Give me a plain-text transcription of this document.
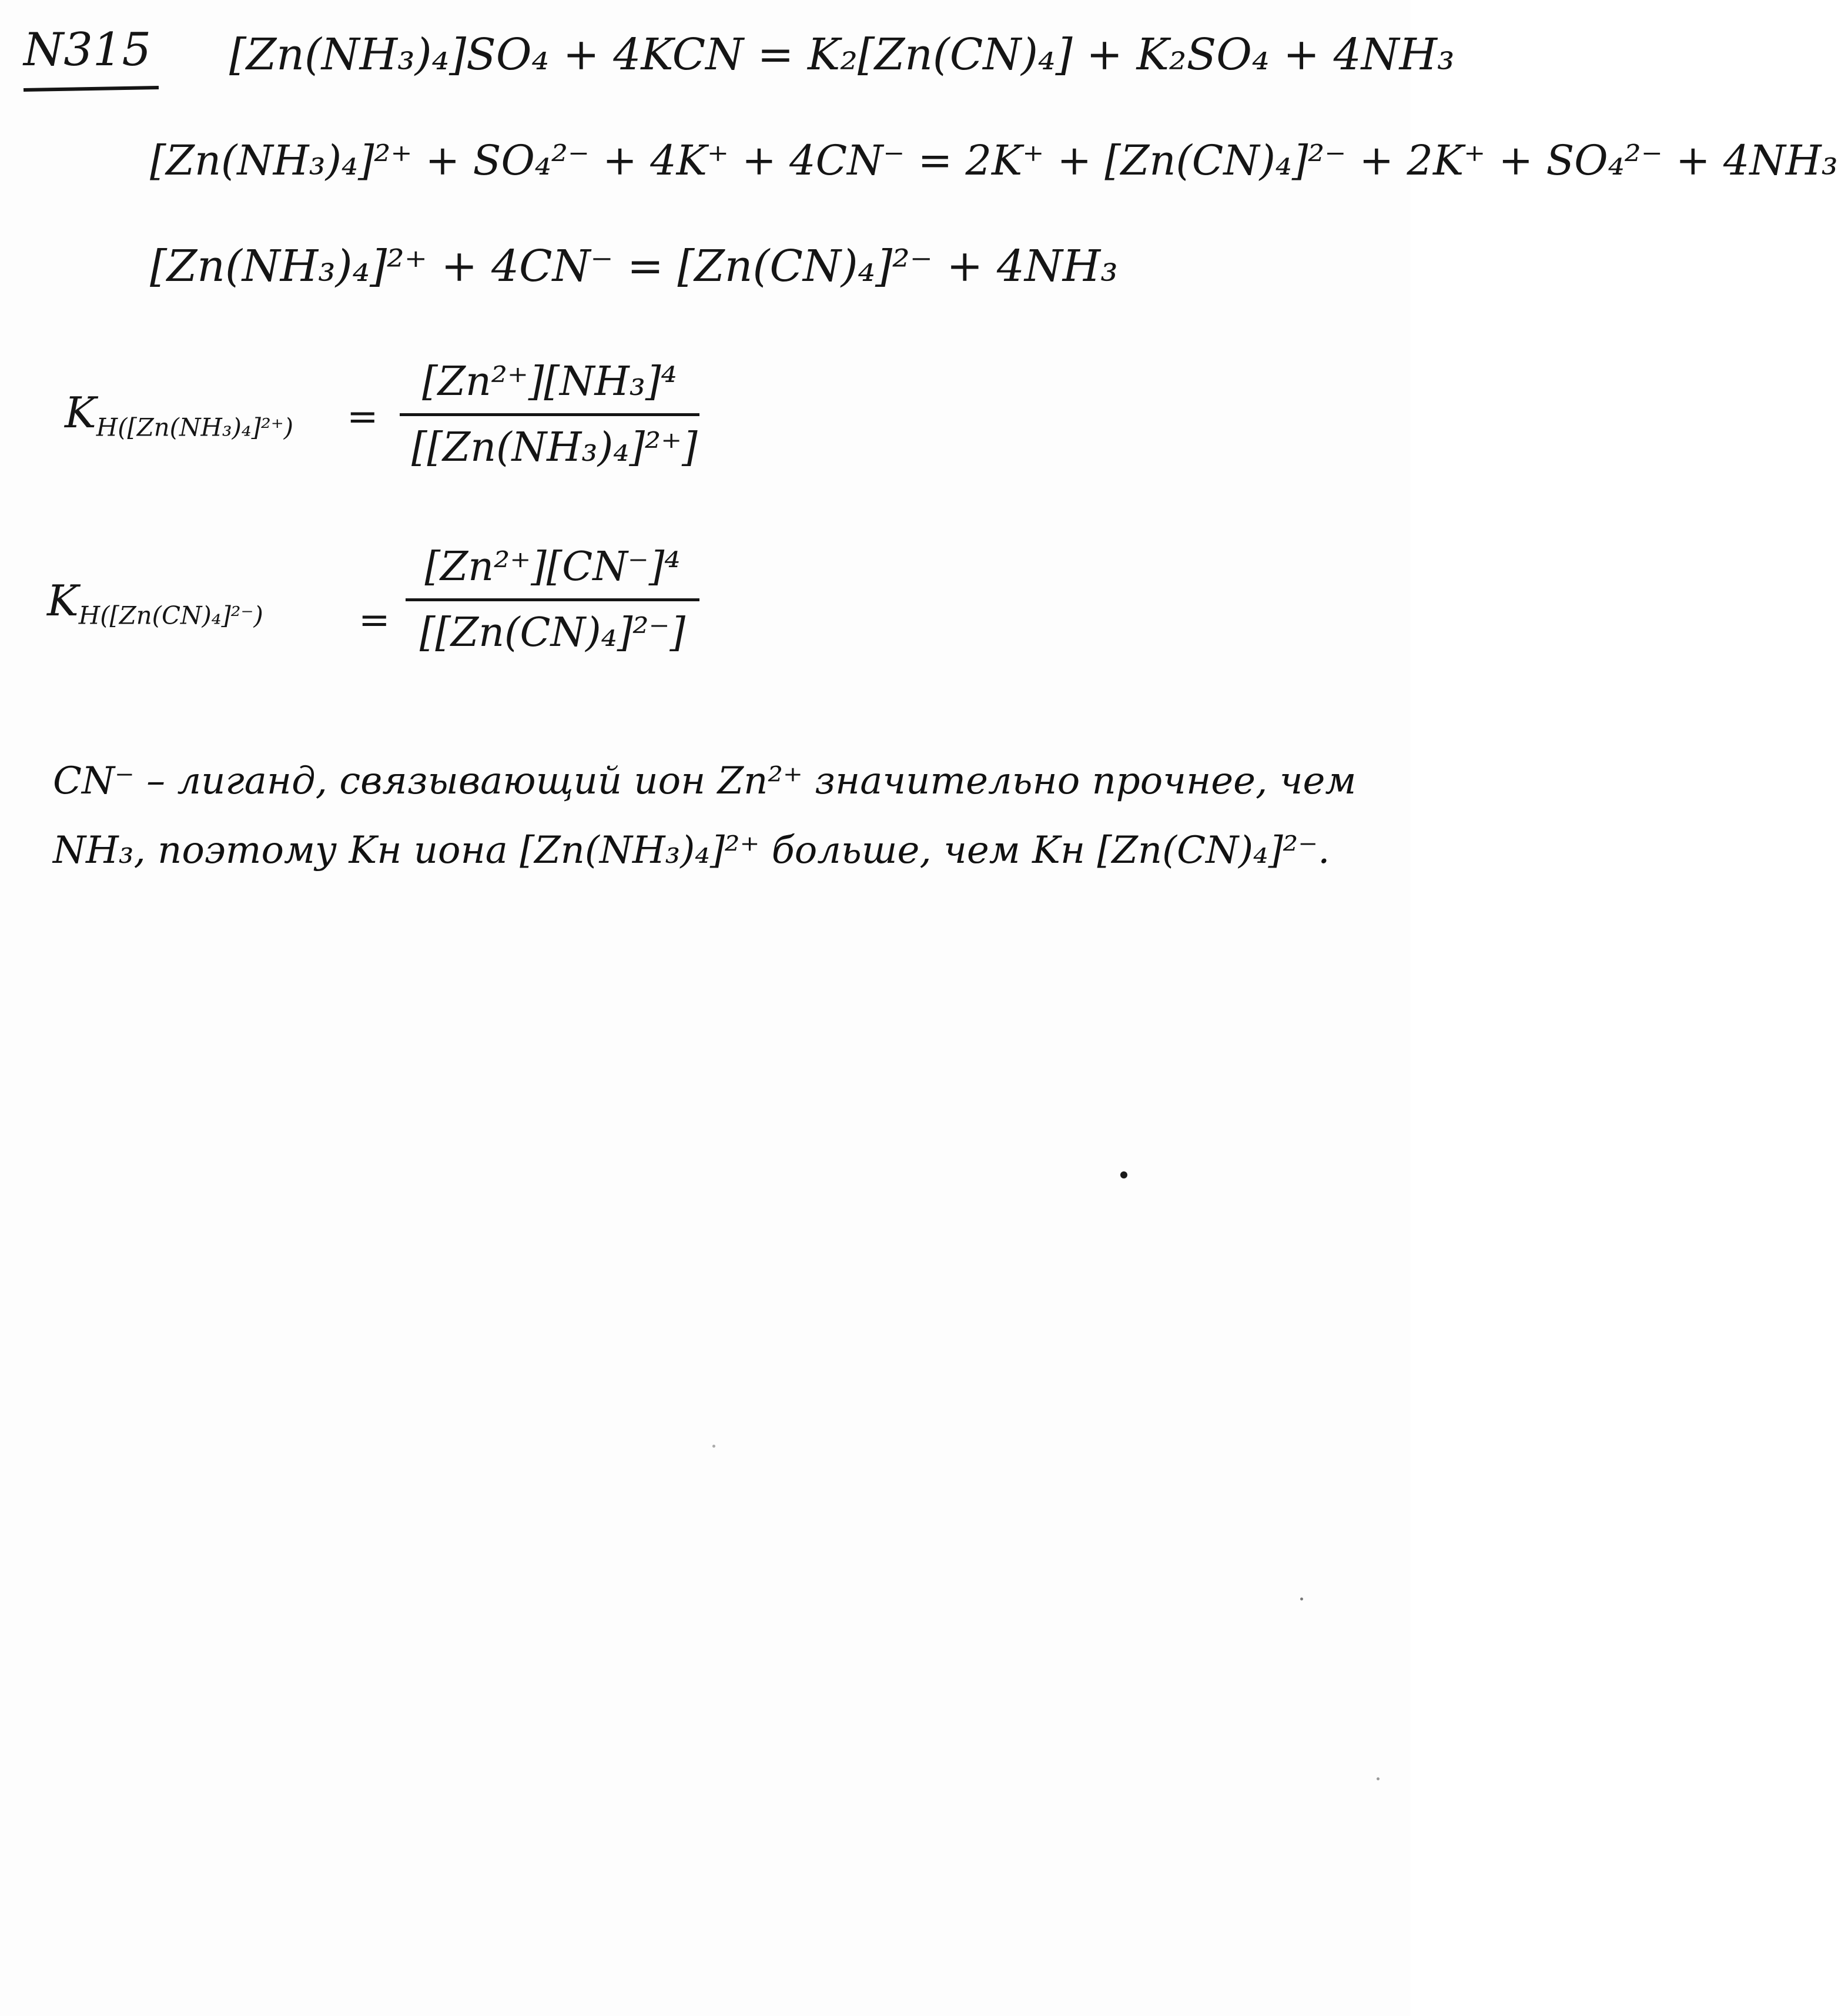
N315 [Zn(NH₃)₄]SO₄ + 4KCN = K₂[Zn(CN)₄] + K₂SO₄ + 4NH₃
[Zn(NH₃)₄]²⁺ + SO₄²⁻ + 4K⁺ + 4CN⁻ = 2K⁺ + [Zn(CN)₄]²⁻ + 2K⁺ + SO₄²⁻ + 4NH₃
[Zn(NH₃)₄]²⁺ + 4CN⁻ = [Zn(CN)₄]²⁻ + 4NH₃
$K_{H([Zn(NH_3)_4]^{2+})}$ =
[Zn²⁺][NH₃]⁴
[[Zn(NH₃)₄]²⁺]
$K_{H([Zn(CN)_4]^{2-})}$	=
[Zn²⁺][CN⁻]⁴
[[Zn(CN)₄]²⁻]
CN⁻ – лиганд, связывающий ион Zn²⁺ значительно прочнее, чем NH₃, поэтому Kн иона [Zn(NH₃)₄]²⁺ больше, чем Kн [Zn(CN)₄]²⁻.
